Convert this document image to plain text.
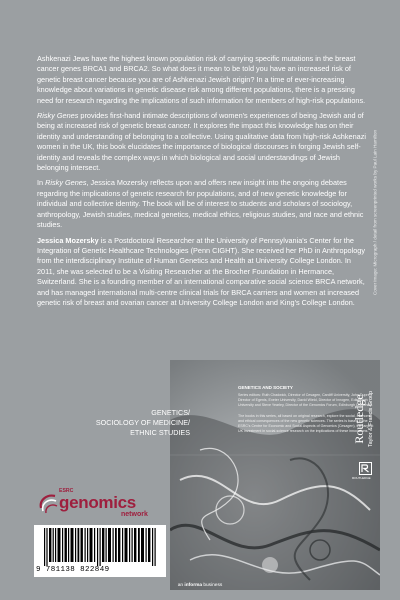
Ashkenazi Jews have the highest known population risk of carrying specific mutations in the breast cancer genes BRCA1 and BRCA2. So what does it mean to be told you have an increased risk of genetic breast cancer because you are of Ashkenazi Jewish origin? In a time of ever-increasing knowledge about variations in genetic disease risk among different populations, there is a pressing need for research regarding the implications of such information for members of high-risk populations.

Risky Genes provides first-hand intimate descriptions of women's experiences of being Jewish and of being at increased risk of genetic breast cancer. It explores the impact this knowledge has on their identity and understanding of belonging to a collective. Using qualitative data from high-risk Ashkenazi women in the UK, this book elucidates the importance of biological discourses in forging Jewish self-identity and reveals the complex ways in which biological and social understandings of Jewish belonging intersect.

In Risky Genes, Jessica Mozersky reflects upon and offers new insight into the ongoing debates regarding the implications of genetic research for populations, and of new genetic knowledge for individual and collective identity. The book will be of interest to students and scholars of sociology, anthropology, Jewish studies, medical genetics, medical ethics, religious studies, and race and ethnic studies.

Jessica Mozersky is a Postdoctoral Researcher at the University of Pennsylvania's Center for the Integration of Genetic Healthcare Technologies (Penn CIGHT). She received her PhD in Anthropology from the interdisciplinary Institute of Human Genetics and Health at University College London. In 2011, she was selected to be a Visiting Researcher at the Brocher Foundation in Hermance, Switzerland. She is a founding member of an international comparative social science BRCA network, and has managed international multi-centre clinical trials for BRCA carriers and women at increased genetic risk of breast and ovarian cancer at University College London and King's College London.

Cover image: Micrograph / detail from screenprinted works by Paul Lain Hamilton
GENETICS/
SOCIOLOGY OF MEDICINE/
ETHNIC STUDIES
GENETICS AND SOCIETY
Series editors: Ruth Chadwick, Director of Cesagen, Cardiff University, John Dupré, Director of Egenis, Exeter University, David Wield, Director of Innogen, Edinburgh University and Steve Yearley, Director of the Genomics Forum, Edinburgh University.
The books in this series, all based on original research, explore the social, economic and ethical consequences of the new genetic sciences. The series is based in the ESRC's Centre for Economic and Social Aspects of Genomics (Cesagen), the largest UK investment in social-science research on the implications of these innovations.
Routledge Taylor & Francis Group
ROUTLEDGE
ESRC
genomics
network
9 781138 822849
an informa business
